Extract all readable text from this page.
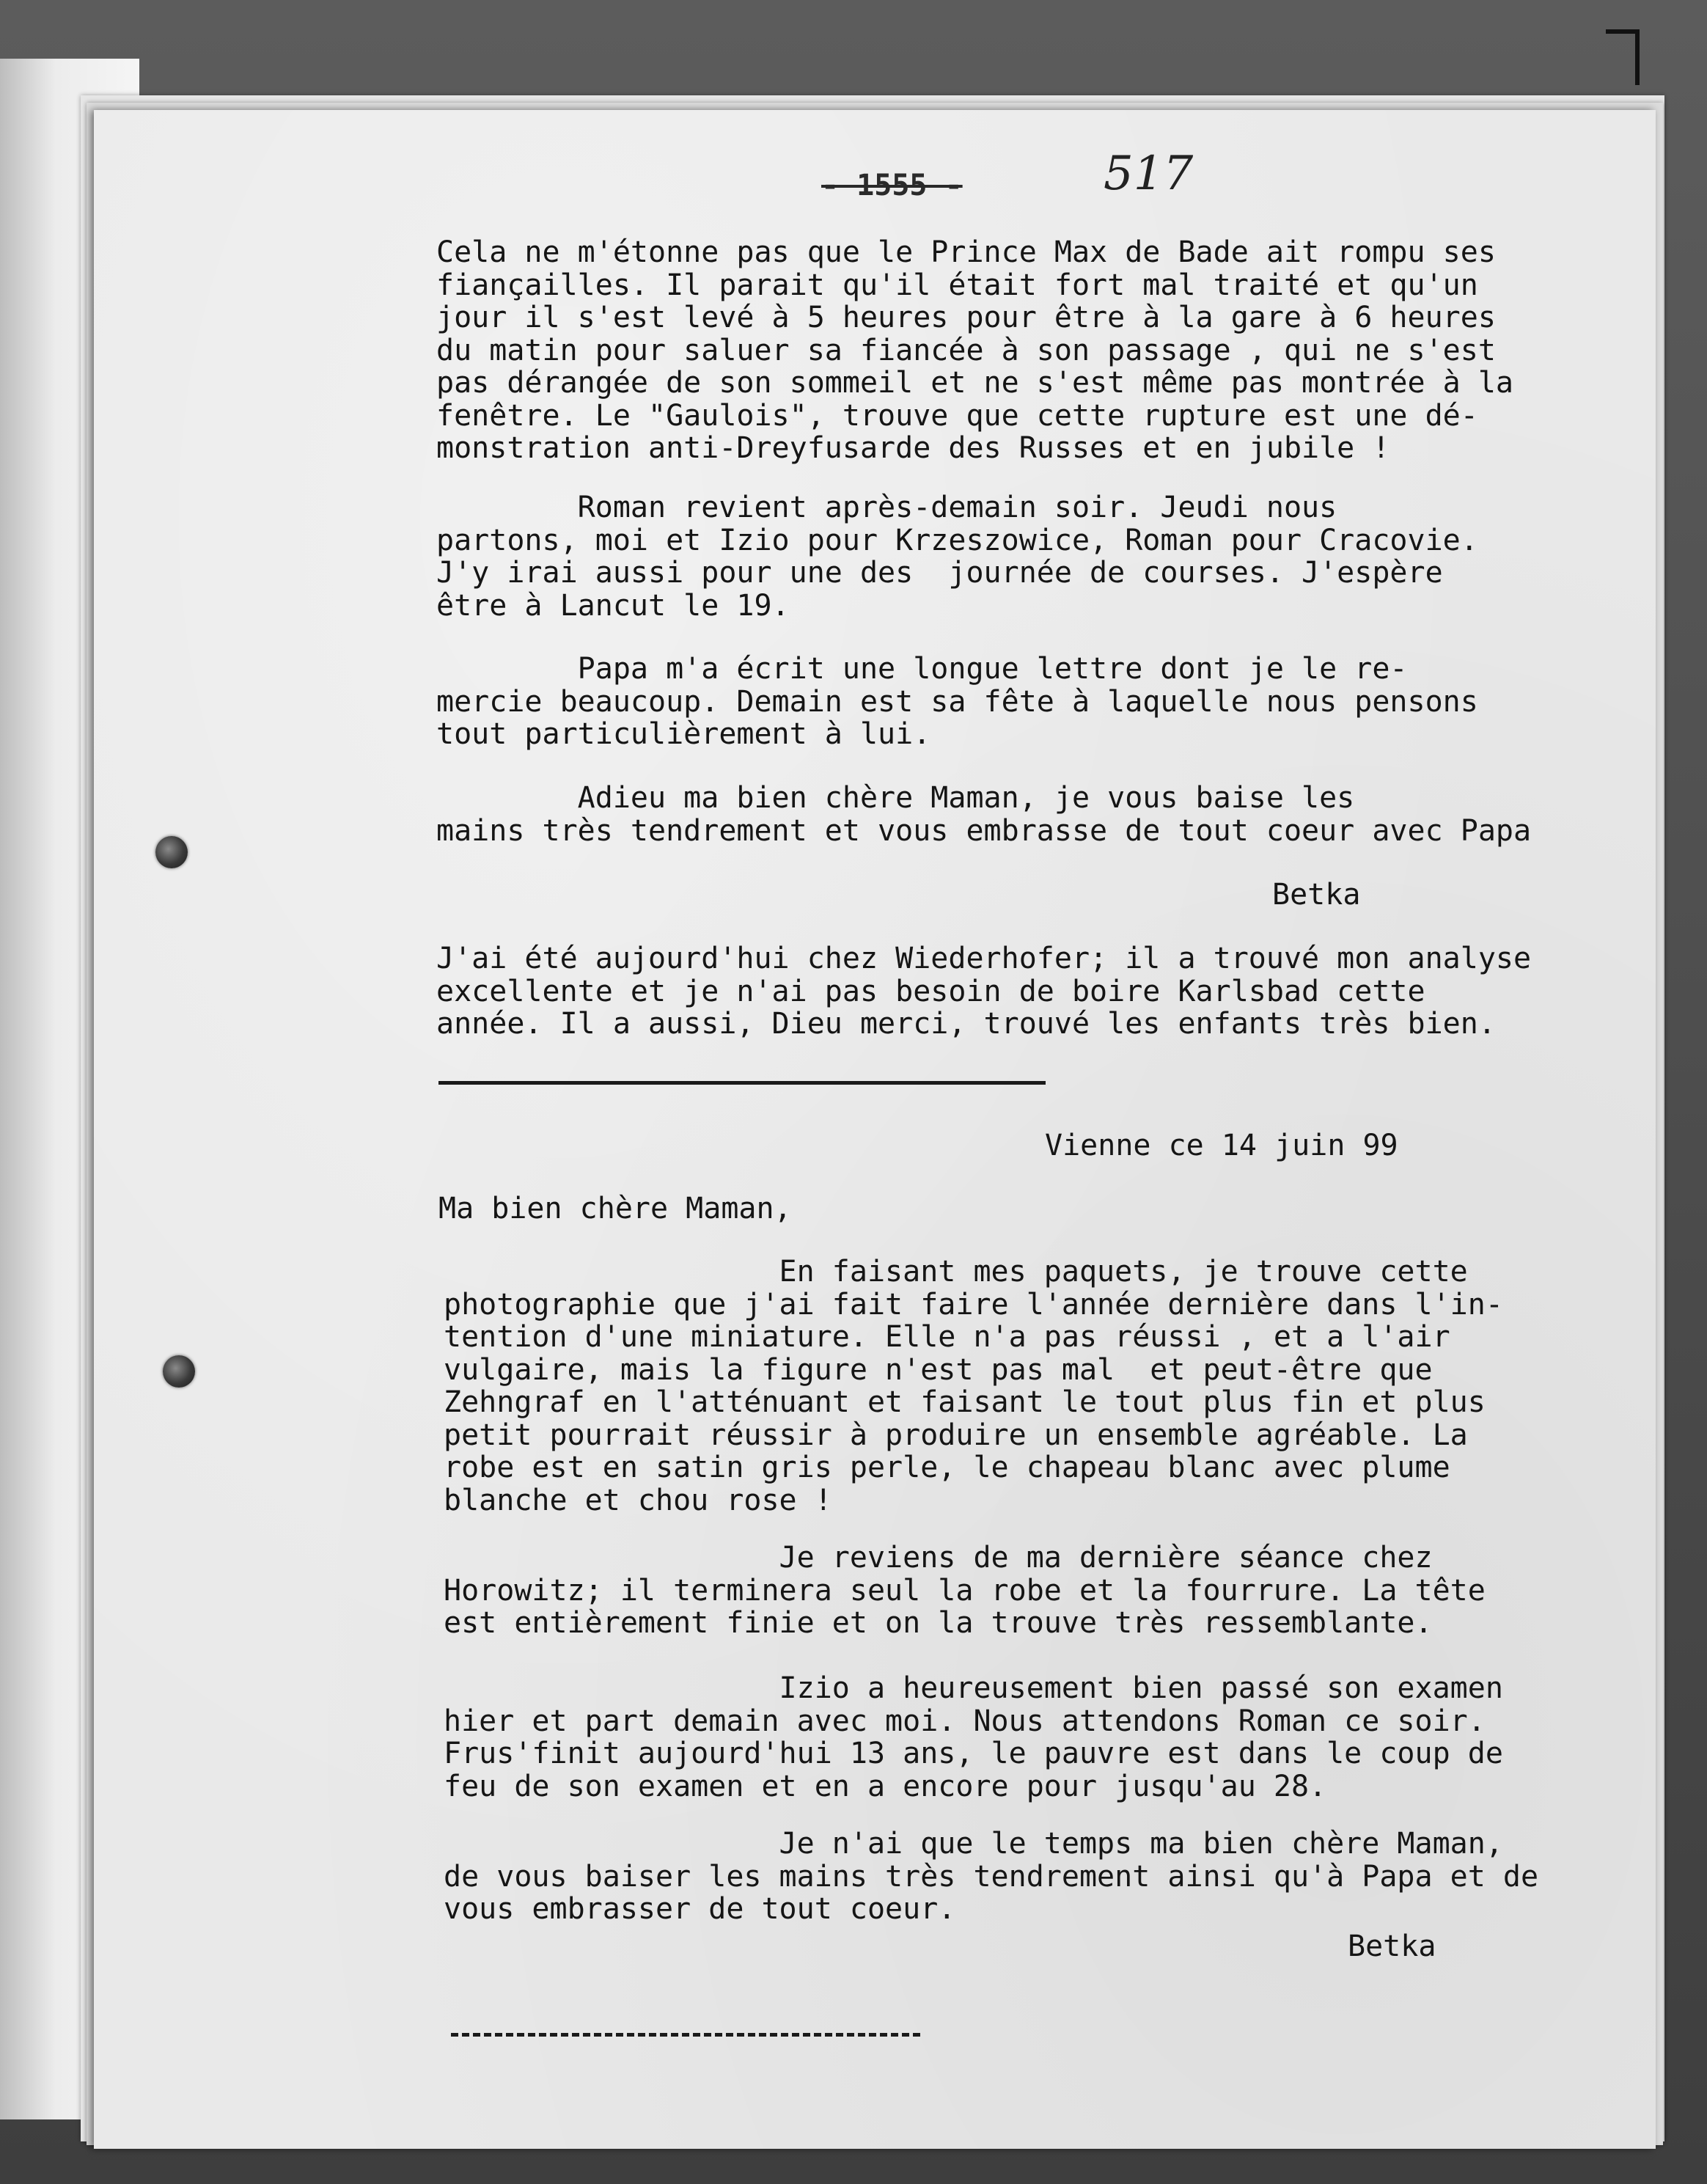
- 1555 -	517

Cela ne m'étonne pas que le Prince Max de Bade ait rompu ses
fiançailles. Il parait qu'il était fort mal traité et qu'un
jour il s'est levé à 5 heures pour être à la gare à 6 heures
du matin pour saluer sa fiancée à son passage , qui ne s'est
pas dérangée de son sommeil et ne s'est même pas montrée à la
fenêtre. Le "Gaulois", trouve que cette rupture est une dé-
monstration anti-Dreyfusarde des Russes et en jubile !

Roman revient après-demain soir. Jeudi nous
partons, moi et Izio pour Krzeszowice, Roman pour Cracovie.
J'y irai aussi pour une des  journée de courses. J'espère
être à Lancut le 19.

Papa m'a écrit une longue lettre dont je le re-
mercie beaucoup. Demain est sa fête à laquelle nous pensons
tout particulièrement à lui.

Adieu ma bien chère Maman, je vous baise les
mains très tendrement et vous embrasse de tout coeur avec Papa

Betka

J'ai été aujourd'hui chez Wiederhofer; il a trouvé mon analyse
excellente et je n'ai pas besoin de boire Karlsbad cette
année. Il a aussi, Dieu merci, trouvé les enfants très bien.

Vienne ce 14 juin 99

Ma bien chère Maman,

En faisant mes paquets, je trouve cette
photographie que j'ai fait faire l'année dernière dans l'in-
tention d'une miniature. Elle n'a pas réussi , et a l'air
vulgaire, mais la figure n'est pas mal  et peut-être que
Zehngraf en l'atténuant et faisant le tout plus fin et plus
petit pourrait réussir à produire un ensemble agréable. La
robe est en satin gris perle, le chapeau blanc avec plume
blanche et chou rose !

Je reviens de ma dernière séance chez
Horowitz; il terminera seul la robe et la fourrure. La tête
est entièrement finie et on la trouve très ressemblante.

Izio a heureusement bien passé son examen
hier et part demain avec moi. Nous attendons Roman ce soir.
Frus'finit aujourd'hui 13 ans, le pauvre est dans le coup de
feu de son examen et en a encore pour jusqu'au 28.

Je n'ai que le temps ma bien chère Maman,
de vous baiser les mains très tendrement ainsi qu'à Papa et de
vous embrasser de tout coeur.

Betka
